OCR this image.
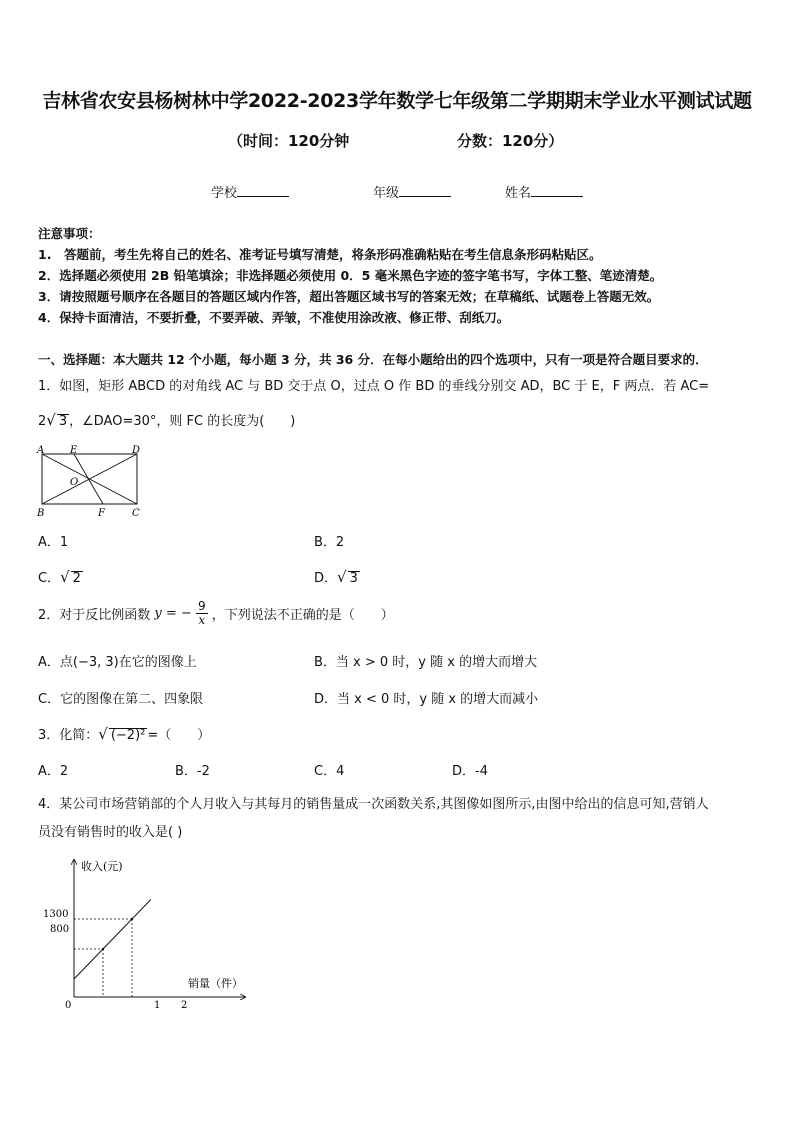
吉林省农安县杨树林中学2022-2023学年数学七年级第二学期期末学业水平测试试题
（时间：120分钟	分数：120分）
学校	年级	姓名
注意事项：
1.　答题前，考生先将自己的姓名、准考证号填写清楚，将条形码准确粘贴在考生信息条形码粘贴区。
2．选择题必须使用 2B 铅笔填涂；非选择题必须使用 0．5 毫米黑色字迹的签字笔书写，字体工整、笔迹清楚。
3．请按照题号顺序在各题目的答题区域内作答，超出答题区域书写的答案无效；在草稿纸、试题卷上答题无效。
4．保持卡面清洁，不要折叠，不要弄破、弄皱，不准使用涂改液、修正带、刮纸刀。
一、选择题：本大题共 12 个小题，每小题 3 分，共 36 分．在每小题给出的四个选项中，只有一项是符合题目要求的．
1．如图，矩形 ABCD 的对角线 AC 与 BD 交于点 O，过点 O 作 BD 的垂线分别交 AD，BC 于 E，F 两点．若 AC=
2√ 3 ，∠DAO=30°，则 FC 的长度为(　　)
A	E	D
O
B	F	C
A．1	B．2
C．√ 2	D．√ 3
2．对于反比例函数 y = − $\frac{9}{x}$ ，下列说法不正确的是（　　）
A．点(−3, 3)在它的图像上	B．当 x > 0 时，y 随 x 的增大而增大
C．它的图像在第二、四象限	D．当 x < 0 时，y 随 x 的增大而减小
3．化简：√ (−2)² =（　　）
A．2	B．-2	C．4	D．-4
4．某公司市场营销部的个人月收入与其每月的销售量成一次函数关系,其图像如图所示,由图中给出的信息可知,营销人
员没有销售时的收入是( )
收入(元)
销量（件）
1300
800
0	1 2
